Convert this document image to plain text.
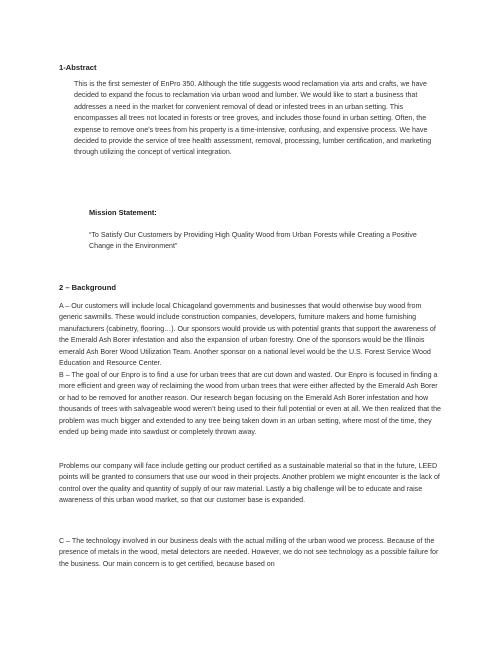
1-Abstract

This is the first semester of EnPro 350. Although the title suggests wood reclamation via arts and crafts, we have decided to expand the focus to reclamation via urban wood and lumber. We would like to start a business that addresses a need in the market for convenient removal of dead or infested trees in an urban setting. This encompasses all trees not located in forests or tree groves, and includes those found in urban setting. Often, the expense to remove one’s trees from his property is a time-intensive, confusing, and expensive process. We have decided to provide the service of tree health assessment, removal, processing, lumber certification, and marketing through utilizing the concept of vertical integration.

Mission Statement:

“To Satisfy Our Customers by Providing High Quality Wood from Urban Forests while Creating a Positive Change in the Environment”

2 – Background

A – Our customers will include local Chicagoland governments and businesses that would otherwise buy wood from generic sawmills. These would include construction companies, developers, furniture makers and home furnishing manufacturers (cabinetry, flooring…). Our sponsors would provide us with potential grants that support the awareness of the Emerald Ash Borer infestation and also the expansion of urban forestry. One of the sponsors would be the Illinois emerald Ash Borer Wood Utilization Team. Another sponsor on a national level would be the U.S. Forest Service Wood Education and Resource Center.

B – The goal of our Enpro is to find a use for urban trees that are cut down and wasted. Our Enpro is focused in finding a more efficient and green way of reclaiming the wood from urban trees that were either affected by the Emerald Ash Borer or had to be removed for another reason. Our research began focusing on the Emerald Ash Borer infestation and how thousands of trees with salvageable wood weren’t being used to their full potential or even at all. We then realized that the problem was much bigger and extended to any tree being taken down in an urban setting, where most of the time, they ended up being made into sawdust or completely thrown away.

Problems our company will face include getting our product certified as a sustainable material so that in the future, LEED points will be granted to consumers that use our wood in their projects. Another problem we might encounter is the lack of control over the quality and quantity of supply of our raw material. Lastly a big challenge will be to educate and raise awareness of this urban wood market, so that our customer base is expanded.

C – The technology involved in our business deals with the actual milling of the urban wood we process. Because of the presence of metals in the wood, metal detectors are needed. However, we do not see technology as a possible failure for the business. Our main concern is to get certified, because based on
